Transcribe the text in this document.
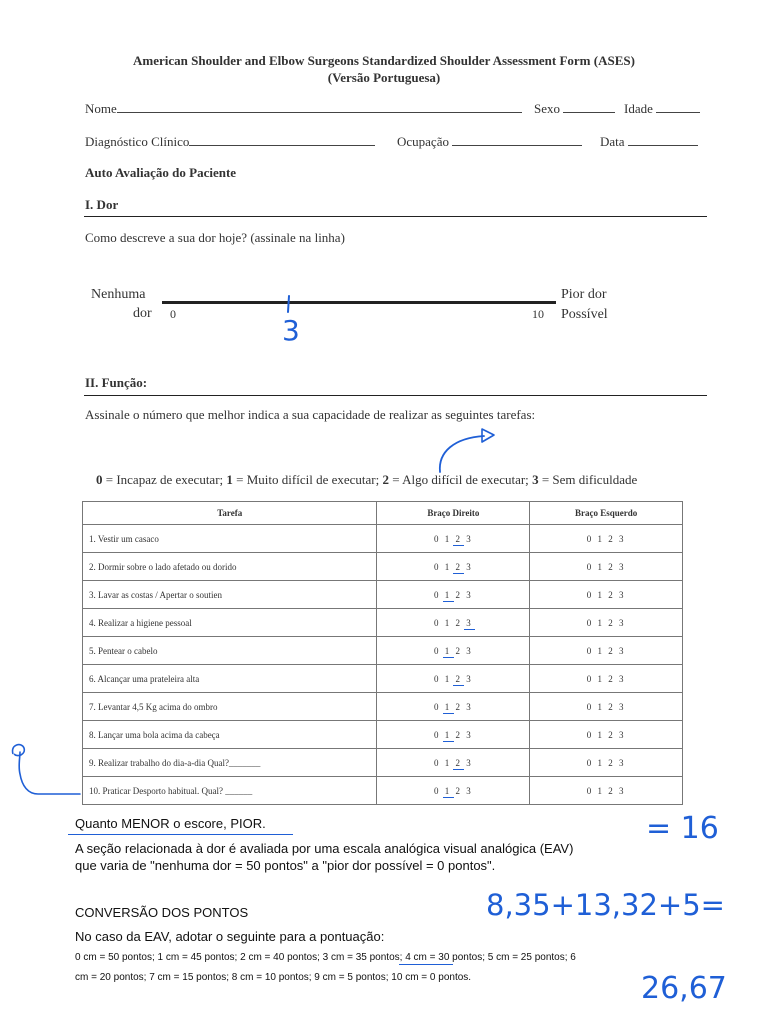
American Shoulder and Elbow Surgeons Standardized Shoulder Assessment Form (ASES)
(Versão Portuguesa)
Nome	Sexo	Idade
Diagnóstico Clínico	Ocupação	Data
Auto Avaliação do Paciente
I. Dor
Como descreve a sua dor hoje? (assinale na linha)
Nenhuma
dor 0	10
Pior dor
Possível
3
II. Função:
Assinale o número que melhor indica a sua capacidade de realizar as seguintes tarefas:
0 = Incapaz de executar; 1 = Muito difícil de executar; 2 = Algo difícil de executar; 3 = Sem dificuldade
Tarefa	Braço Direito	Braço Esquerdo
1. Vestir um casaco	0 1 2 3	0 1 2 3
2. Dormir sobre o lado afetado ou dorido	0 1 2 3	0 1 2 3
3. Lavar as costas / Apertar o soutien	0 1 2 3	0 1 2 3
4. Realizar a higiene pessoal	0 1 2 3	0 1 2 3
5. Pentear o cabelo	0 1 2 3	0 1 2 3
6. Alcançar uma prateleira alta	0 1 2 3	0 1 2 3
7. Levantar 4,5 Kg acima do ombro	0 1 2 3	0 1 2 3
8. Lançar uma bola acima da cabeça	0 1 2 3	0 1 2 3
9. Realizar trabalho do dia-a-dia Qual?_______	0 1 2 3	0 1 2 3
10. Praticar Desporto habitual. Qual? ______	0 1 2 3	0 1 2 3
Quanto MENOR o escore, PIOR.
A seção relacionada à dor é avaliada por uma escala analógica visual analógica (EAV)
que varia de "nenhuma dor = 50 pontos" a "pior dor possível = 0 pontos".
CONVERSÃO DOS PONTOS
No caso da EAV, adotar o seguinte para a pontuação:
0 cm = 50 pontos; 1 cm = 45 pontos; 2 cm = 40 pontos; 3 cm = 35 pontos; 4 cm = 30 pontos; 5 cm = 25 pontos; 6
cm = 20 pontos; 7 cm = 15 pontos; 8 cm = 10 pontos; 9 cm = 5 pontos; 10 cm = 0 pontos.
= 16
8,35+13,32+5=
26,67
